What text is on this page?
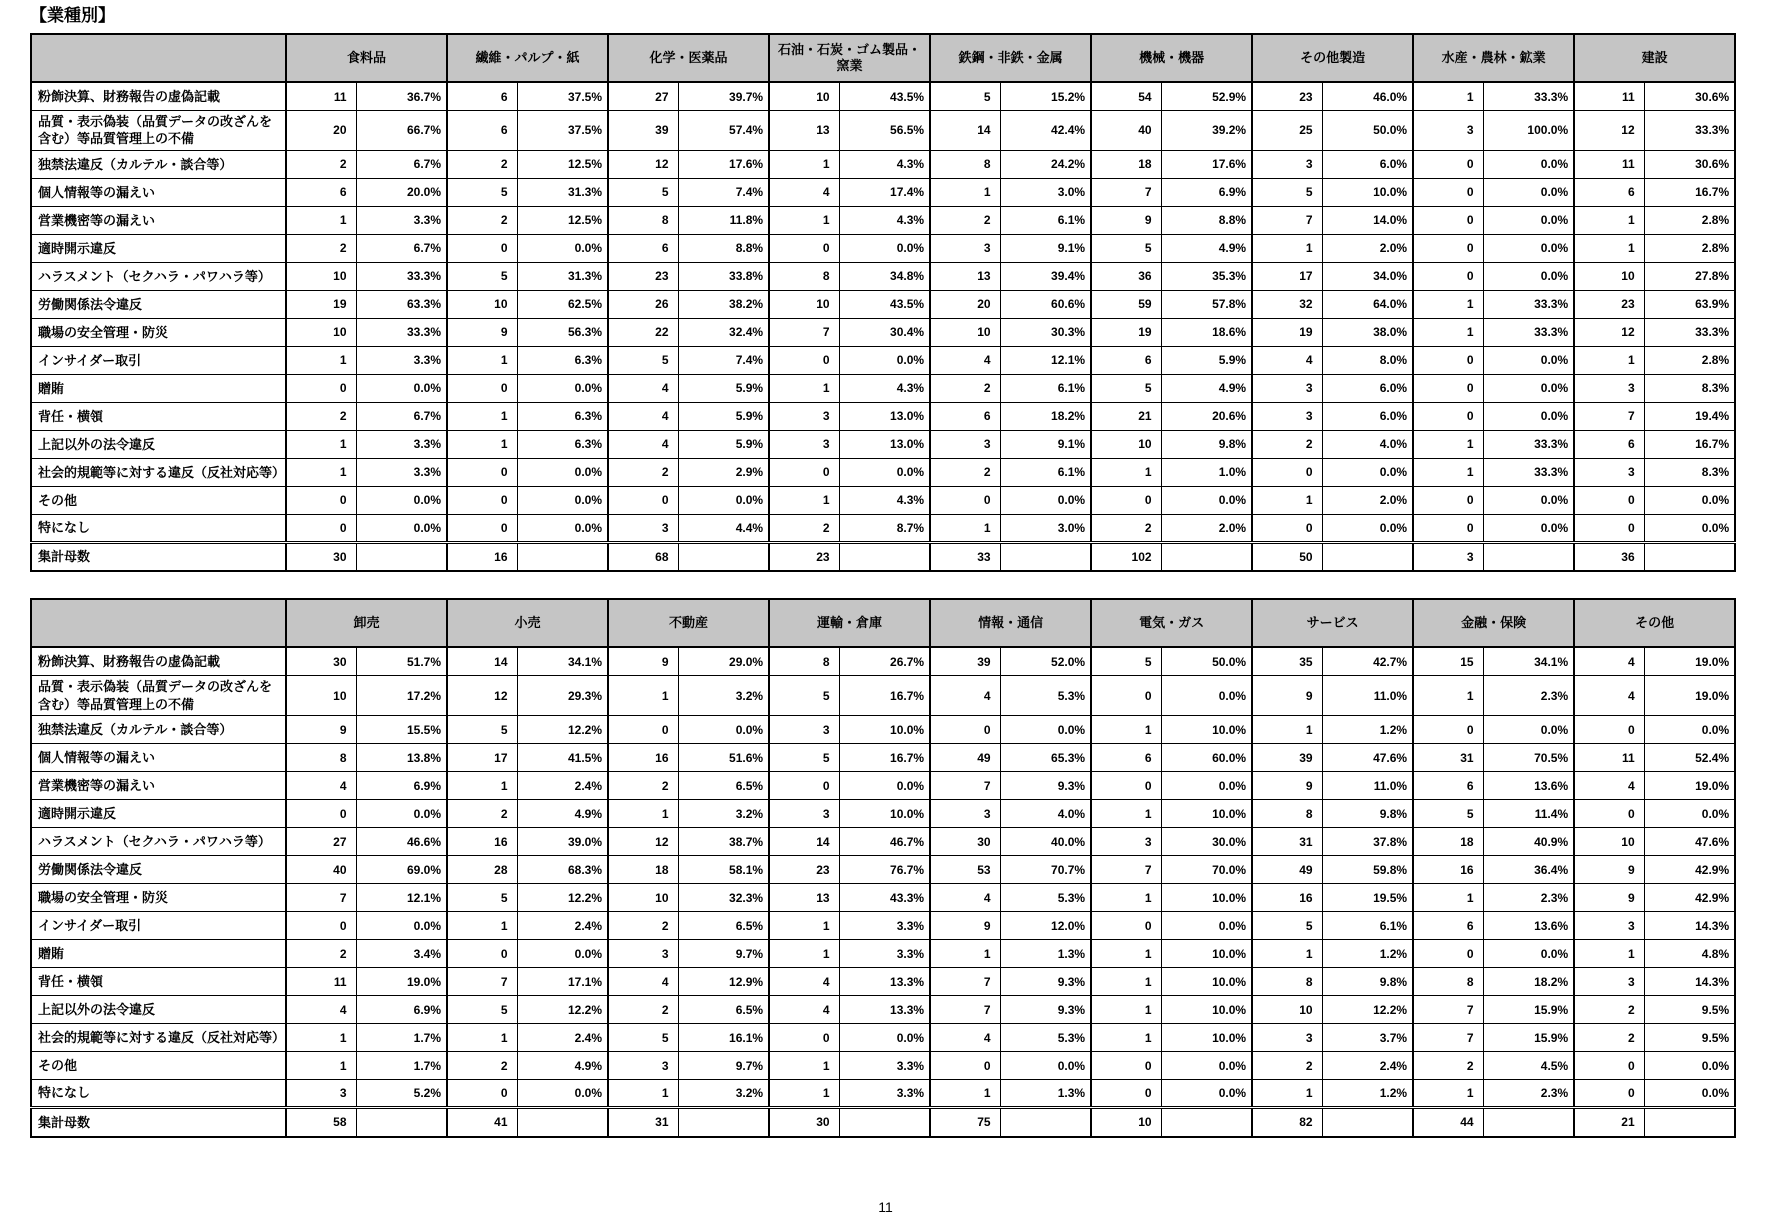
【業種別】
	食料品		繊維・パルプ・紙		化学・医薬品		石油・石炭・ゴム製品・窯業		鉄鋼・非鉄・金属		機械・機器		その他製造		水産・農林・鉱業		建設	
粉飾決算、財務報告の虚偽記載	11	36.7%	6	37.5%	27	39.7%	10	43.5%	5	15.2%	54	52.9%	23	46.0%	1	33.3%	11	30.6%
品質・表示偽装（品質データの改ざんを含む）等品質管理上の不備	20	66.7%	6	37.5%	39	57.4%	13	56.5%	14	42.4%	40	39.2%	25	50.0%	3	100.0%	12	33.3%
独禁法違反（カルテル・談合等）	2	6.7%	2	12.5%	12	17.6%	1	4.3%	8	24.2%	18	17.6%	3	6.0%	0	0.0%	11	30.6%
個人情報等の漏えい	6	20.0%	5	31.3%	5	7.4%	4	17.4%	1	3.0%	7	6.9%	5	10.0%	0	0.0%	6	16.7%
営業機密等の漏えい	1	3.3%	2	12.5%	8	11.8%	1	4.3%	2	6.1%	9	8.8%	7	14.0%	0	0.0%	1	2.8%
適時開示違反	2	6.7%	0	0.0%	6	8.8%	0	0.0%	3	9.1%	5	4.9%	1	2.0%	0	0.0%	1	2.8%
ハラスメント（セクハラ・パワハラ等）	10	33.3%	5	31.3%	23	33.8%	8	34.8%	13	39.4%	36	35.3%	17	34.0%	0	0.0%	10	27.8%
労働関係法令違反	19	63.3%	10	62.5%	26	38.2%	10	43.5%	20	60.6%	59	57.8%	32	64.0%	1	33.3%	23	63.9%
職場の安全管理・防災	10	33.3%	9	56.3%	22	32.4%	7	30.4%	10	30.3%	19	18.6%	19	38.0%	1	33.3%	12	33.3%
インサイダー取引	1	3.3%	1	6.3%	5	7.4%	0	0.0%	4	12.1%	6	5.9%	4	8.0%	0	0.0%	1	2.8%
贈賄	0	0.0%	0	0.0%	4	5.9%	1	4.3%	2	6.1%	5	4.9%	3	6.0%	0	0.0%	3	8.3%
背任・横領	2	6.7%	1	6.3%	4	5.9%	3	13.0%	6	18.2%	21	20.6%	3	6.0%	0	0.0%	7	19.4%
上記以外の法令違反	1	3.3%	1	6.3%	4	5.9%	3	13.0%	3	9.1%	10	9.8%	2	4.0%	1	33.3%	6	16.7%
社会的規範等に対する違反（反社対応等）	1	3.3%	0	0.0%	2	2.9%	0	0.0%	2	6.1%	1	1.0%	0	0.0%	1	33.3%	3	8.3%
その他	0	0.0%	0	0.0%	0	0.0%	1	4.3%	0	0.0%	0	0.0%	1	2.0%	0	0.0%	0	0.0%
特になし	0	0.0%	0	0.0%	3	4.4%	2	8.7%	1	3.0%	2	2.0%	0	0.0%	0	0.0%	0	0.0%
集計母数	30		16		68		23		33		102		50		3		36	
	卸売		小売		不動産		運輸・倉庫		情報・通信		電気・ガス		サービス		金融・保険		その他	
粉飾決算、財務報告の虚偽記載	30	51.7%	14	34.1%	9	29.0%	8	26.7%	39	52.0%	5	50.0%	35	42.7%	15	34.1%	4	19.0%
品質・表示偽装（品質データの改ざんを含む）等品質管理上の不備	10	17.2%	12	29.3%	1	3.2%	5	16.7%	4	5.3%	0	0.0%	9	11.0%	1	2.3%	4	19.0%
独禁法違反（カルテル・談合等）	9	15.5%	5	12.2%	0	0.0%	3	10.0%	0	0.0%	1	10.0%	1	1.2%	0	0.0%	0	0.0%
個人情報等の漏えい	8	13.8%	17	41.5%	16	51.6%	5	16.7%	49	65.3%	6	60.0%	39	47.6%	31	70.5%	11	52.4%
営業機密等の漏えい	4	6.9%	1	2.4%	2	6.5%	0	0.0%	7	9.3%	0	0.0%	9	11.0%	6	13.6%	4	19.0%
適時開示違反	0	0.0%	2	4.9%	1	3.2%	3	10.0%	3	4.0%	1	10.0%	8	9.8%	5	11.4%	0	0.0%
ハラスメント（セクハラ・パワハラ等）	27	46.6%	16	39.0%	12	38.7%	14	46.7%	30	40.0%	3	30.0%	31	37.8%	18	40.9%	10	47.6%
労働関係法令違反	40	69.0%	28	68.3%	18	58.1%	23	76.7%	53	70.7%	7	70.0%	49	59.8%	16	36.4%	9	42.9%
職場の安全管理・防災	7	12.1%	5	12.2%	10	32.3%	13	43.3%	4	5.3%	1	10.0%	16	19.5%	1	2.3%	9	42.9%
インサイダー取引	0	0.0%	1	2.4%	2	6.5%	1	3.3%	9	12.0%	0	0.0%	5	6.1%	6	13.6%	3	14.3%
贈賄	2	3.4%	0	0.0%	3	9.7%	1	3.3%	1	1.3%	1	10.0%	1	1.2%	0	0.0%	1	4.8%
背任・横領	11	19.0%	7	17.1%	4	12.9%	4	13.3%	7	9.3%	1	10.0%	8	9.8%	8	18.2%	3	14.3%
上記以外の法令違反	4	6.9%	5	12.2%	2	6.5%	4	13.3%	7	9.3%	1	10.0%	10	12.2%	7	15.9%	2	9.5%
社会的規範等に対する違反（反社対応等）	1	1.7%	1	2.4%	5	16.1%	0	0.0%	4	5.3%	1	10.0%	3	3.7%	7	15.9%	2	9.5%
その他	1	1.7%	2	4.9%	3	9.7%	1	3.3%	0	0.0%	0	0.0%	2	2.4%	2	4.5%	0	0.0%
特になし	3	5.2%	0	0.0%	1	3.2%	1	3.3%	1	1.3%	0	0.0%	1	1.2%	1	2.3%	0	0.0%
集計母数	58		41		31		30		75		10		82		44		21	
11
